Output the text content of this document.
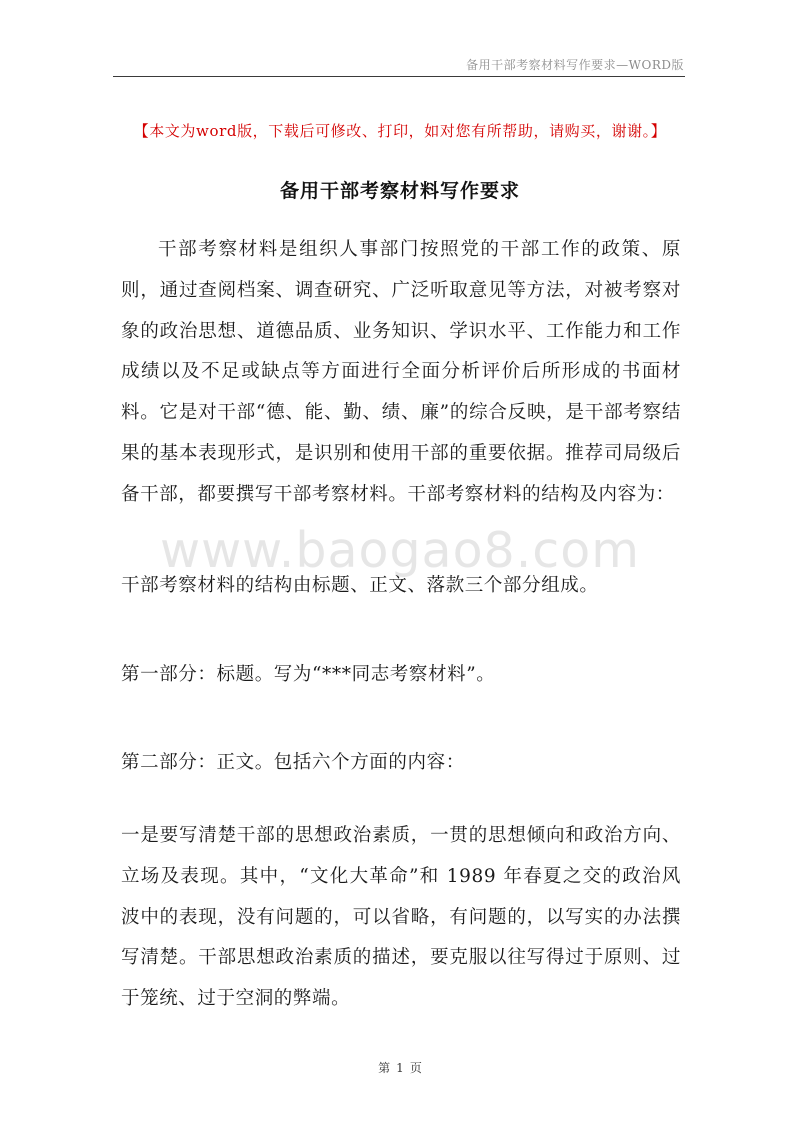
备用干部考察材料写作要求—WORD版
【本文为word版，下载后可修改、打印，如对您有所帮助，请购买，谢谢。】
备用干部考察材料写作要求
www.baogao8.com

干部考察材料是组织人事部门按照党的干部工作的政策、原则，通过查阅档案、调查研究、广泛听取意见等方法，对被考察对象的政治思想、道德品质、业务知识、学识水平、工作能力和工作成绩以及不足或缺点等方面进行全面分析评价后所形成的书面材料。它是对干部“德、能、勤、绩、廉”的综合反映，是干部考察结果的基本表现形式，是识别和使用干部的重要依据。推荐司局级后备干部，都要撰写干部考察材料。干部考察材料的结构及内容为：

干部考察材料的结构由标题、正文、落款三个部分组成。

第一部分：标题。写为“***同志考察材料”。

第二部分：正文。包括六个方面的内容：

一是要写清楚干部的思想政治素质，一贯的思想倾向和政治方向、立场及表现。其中，“文化大革命”和 1989 年春夏之交的政治风波中的表现，没有问题的，可以省略，有问题的，以写实的办法撰写清楚。干部思想政治素质的描述，要克服以往写得过于原则、过于笼统、过于空洞的弊端。

第 1 页
